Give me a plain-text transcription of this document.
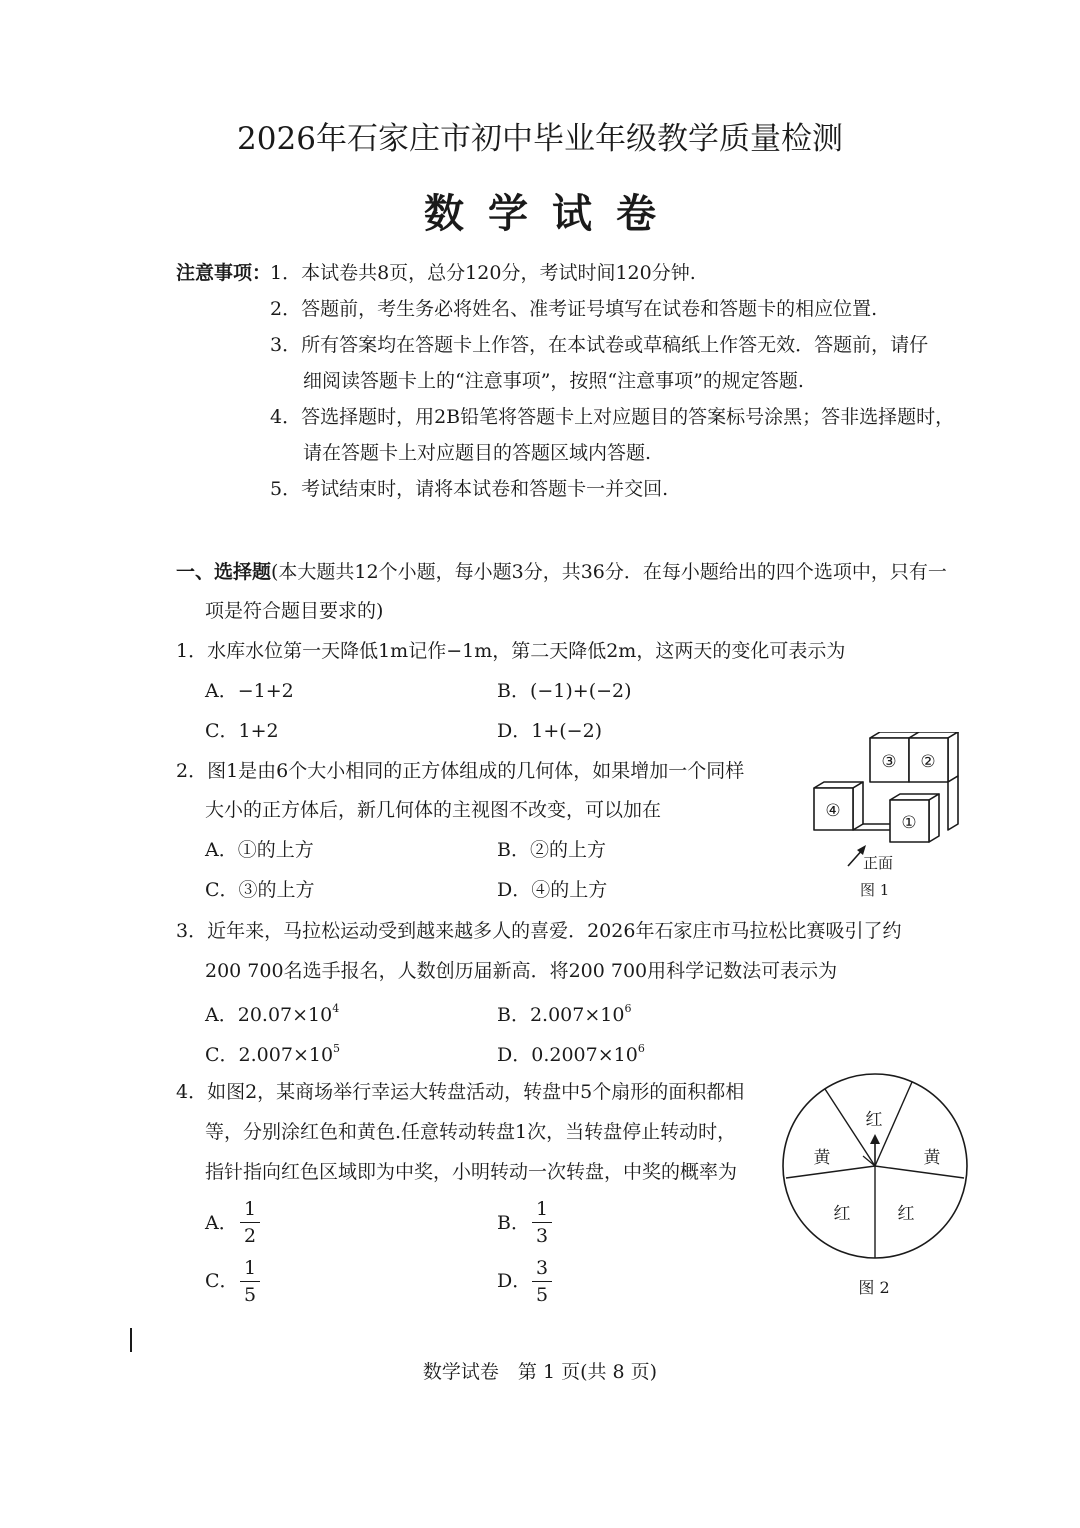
2026年石家庄市初中毕业年级教学质量检测
数学试卷
注意事项：
1．本试卷共8页，总分120分，考试时间120分钟.
2．答题前，考生务必将姓名、准考证号填写在试卷和答题卡的相应位置.
3．所有答案均在答题卡上作答，在本试卷或草稿纸上作答无效．答题前，请仔
细阅读答题卡上的“注意事项”，按照“注意事项”的规定答题.
4．答选择题时，用2B铅笔将答题卡上对应题目的答案标号涂黑；答非选择题时，
请在答题卡上对应题目的答题区域内答题.
5．考试结束时，请将本试卷和答题卡一并交回.
一、选择题(本大题共12个小题，每小题3分，共36分．在每小题给出的四个选项中，只有一
项是符合题目要求的)
1．水库水位第一天降低1m记作−1m，第二天降低2m，这两天的变化可表示为
A．−1+2	B．(−1)+(−2)
C．1+2	D．1+(−2)
2．图1是由6个大小相同的正方体组成的几何体，如果增加一个同样
大小的正方体后，新几何体的主视图不改变，可以加在
A．①的上方	B．②的上方
C．③的上方	D．④的上方
③ ②
④
①
正面
图 1
3．近年来，马拉松运动受到越来越多人的喜爱．2026年石家庄市马拉松比赛吸引了约
200 700名选手报名，人数创历届新高．将200 700用科学记数法可表示为
A．$20.07\times 10^4$	B．$2.007\times 10^6$
C．$2.007\times 10^5$	D．$0.2007\times 10^6$
4．如图2，某商场举行幸运大转盘活动，转盘中5个扇形的面积都相
等，分别涂红色和黄色.任意转动转盘1次，当转盘停止转动时，
指针指向红色区域即为中奖，小明转动一次转盘，中奖的概率为
A．
1
2
B．
1
3
C．
1
5
D．
3
5
红
黄	黄
红	红
图 2
数学试卷　第 1 页(共 8 页)
